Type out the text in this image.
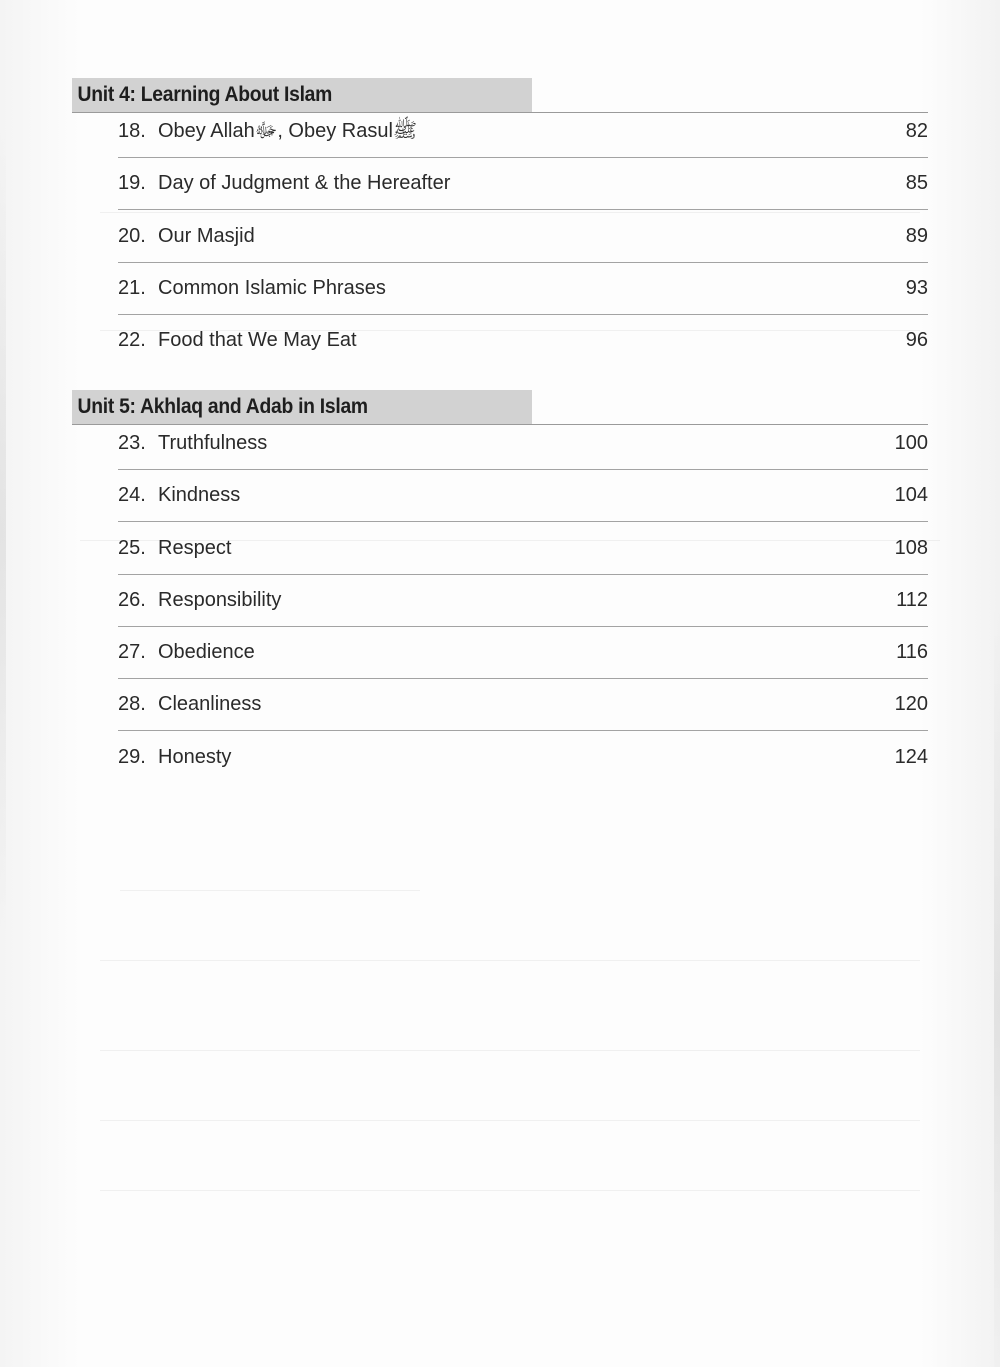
Unit 4: Learning About Islam
18. Obey Allahﷻ, Obey Rasulﷺ	82
19. Day of Judgment & the Hereafter	85
20. Our Masjid	89
21. Common Islamic Phrases	93
22. Food that We May Eat	96
Unit 5: Akhlaq and Adab in Islam
23. Truthfulness	100
24. Kindness	104
25. Respect	108
26. Responsibility	112
27. Obedience	116
28. Cleanliness	120
29. Honesty	124
